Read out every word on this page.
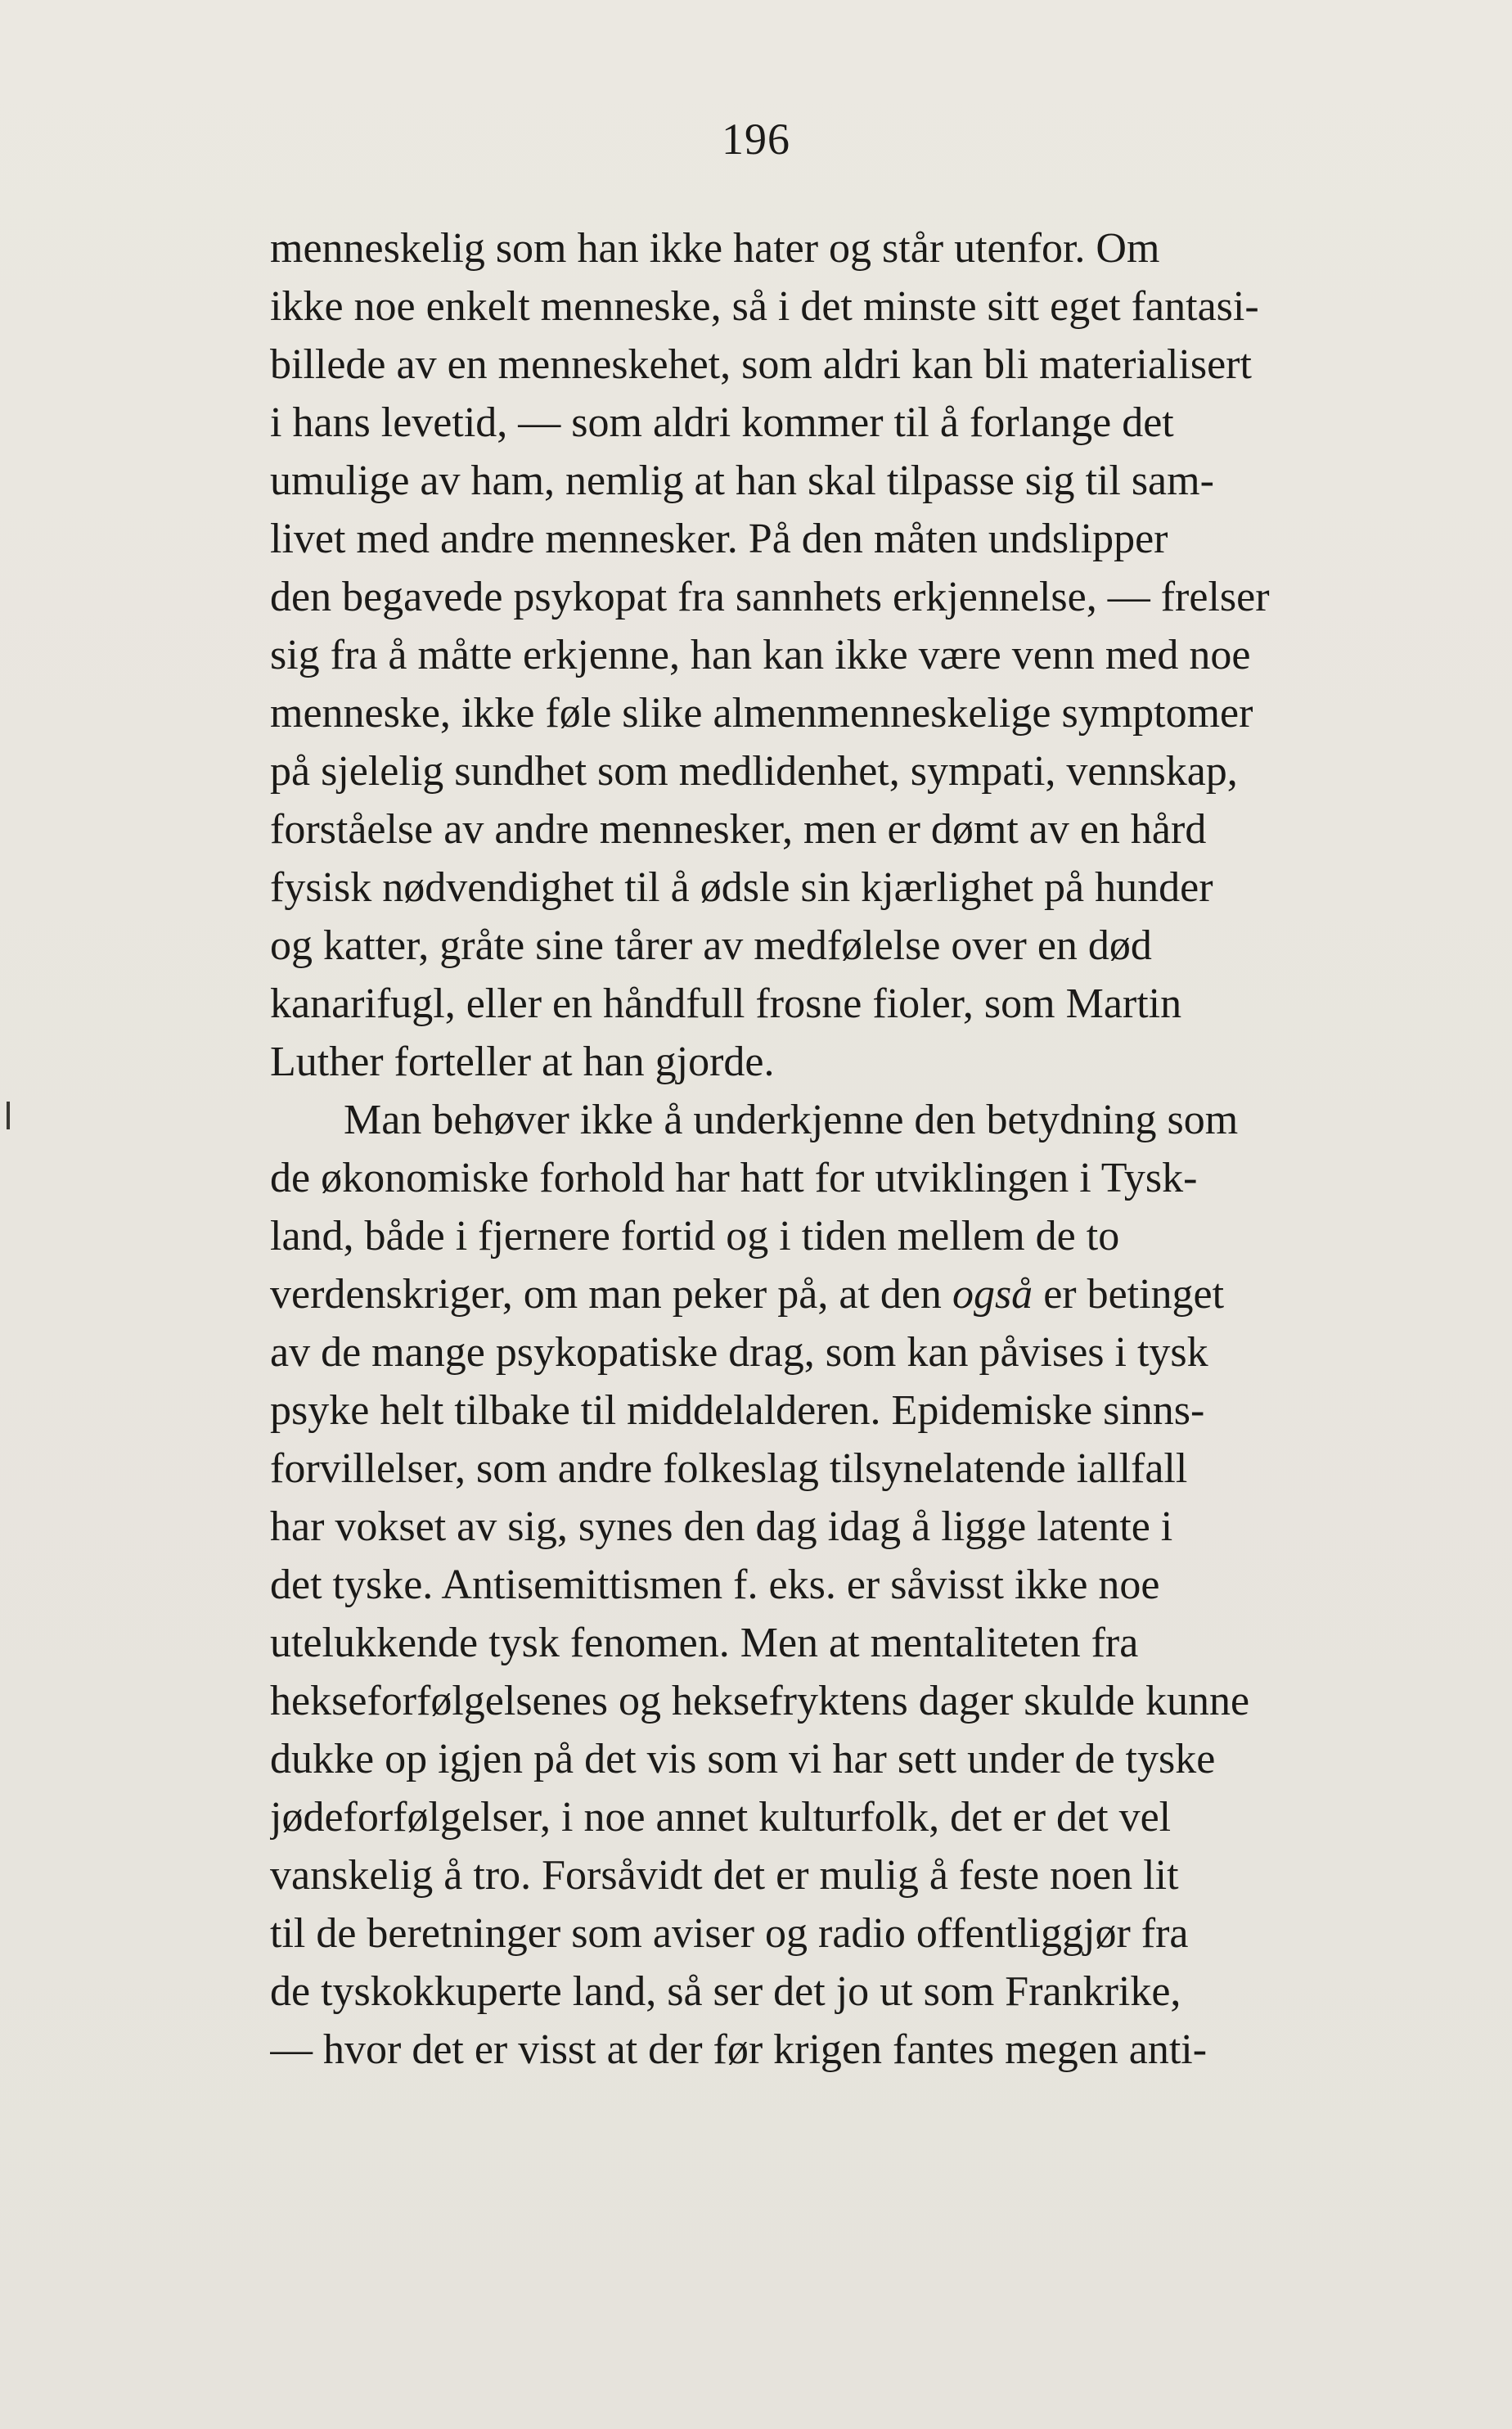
196
menneskelig som han ikke hater og står utenfor. Om
ikke noe enkelt menneske, så i det minste sitt eget fantasi-
billede av en menneskehet, som aldri kan bli materialisert
i hans levetid, — som aldri kommer til å forlange det
umulige av ham, nemlig at han skal tilpasse sig til sam-
livet med andre mennesker. På den måten undslipper
den begavede psykopat fra sannhets erkjennelse, — frelser
sig fra å måtte erkjenne, han kan ikke være venn med noe
menneske, ikke føle slike almenmenneskelige symptomer
på sjelelig sundhet som medlidenhet, sympati, vennskap,
forståelse av andre mennesker, men er dømt av en hård
fysisk nødvendighet til å ødsle sin kjærlighet på hunder
og katter, gråte sine tårer av medfølelse over en død
kanarifugl, eller en håndfull frosne fioler, som Martin
Luther forteller at han gjorde.
Man behøver ikke å underkjenne den betydning som
de økonomiske forhold har hatt for utviklingen i Tysk-
land, både i fjernere fortid og i tiden mellem de to
verdenskriger, om man peker på, at den også er betinget
av de mange psykopatiske drag, som kan påvises i tysk
psyke helt tilbake til middelalderen. Epidemiske sinns-
forvillelser, som andre folkeslag tilsynelatende iallfall
har vokset av sig, synes den dag idag å ligge latente i
det tyske. Antisemittismen f. eks. er såvisst ikke noe
utelukkende tysk fenomen. Men at mentaliteten fra
hekseforfølgelsenes og heksefryktens dager skulde kunne
dukke op igjen på det vis som vi har sett under de tyske
jødeforfølgelser, i noe annet kulturfolk, det er det vel
vanskelig å tro. Forsåvidt det er mulig å feste noen lit
til de beretninger som aviser og radio offentliggjør fra
de tyskokkuperte land, så ser det jo ut som Frankrike,
— hvor det er visst at der før krigen fantes megen anti-
